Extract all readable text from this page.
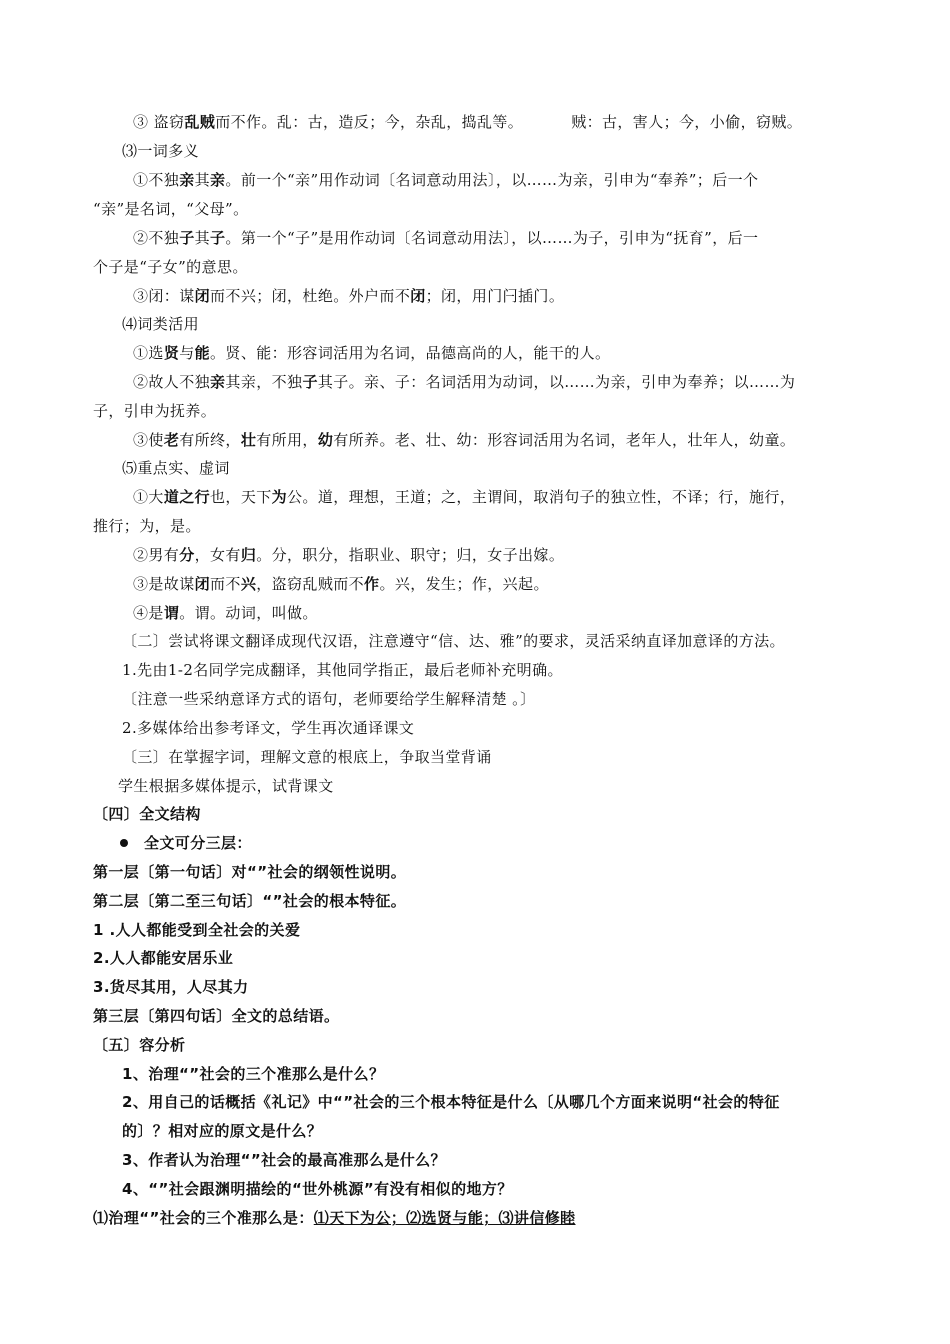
③ 盗窃乱贼而不作。乱：古，造反；今，杂乱，捣乱等。	贼：古，害人；今，小偷，窃贼。
⑶一词多义
①不独亲其亲。前一个“亲”用作动词〔名词意动用法〕，以……为亲，引申为“奉养”；后一个
“亲”是名词，“父母”。
②不独子其子。第一个“子”是用作动词〔名词意动用法〕，以……为子，引申为“抚育”，后一
个子是“子女”的意思。
③闭：谋闭而不兴；闭，杜绝。外户而不闭；闭，用门闩插门。
⑷词类活用
①选贤与能。贤、能：形容词活用为名词，品德高尚的人，能干的人。
②故人不独亲其亲，不独子其子。亲、子：名词活用为动词，以……为亲，引申为奉养；以……为
子，引申为抚养。
③使老有所终，壮有所用，幼有所养。老、壮、幼：形容词活用为名词，老年人，壮年人，幼童。
⑸重点实、虚词
①大道之行也，天下为公。道，理想，王道；之，主谓间，取消句子的独立性，不译；行，施行，
推行；为，是。
②男有分，女有归。分，职分，指职业、职守；归，女子出嫁。
③是故谋闭而不兴，盗窃乱贼而不作。兴，发生；作，兴起。
④是谓。谓。动词，叫做。
〔二〕尝试将课文翻译成现代汉语，注意遵守“信、达、雅”的要求，灵活采纳直译加意译的方法。
1.先由1-2名同学完成翻译，其他同学指正，最后老师补充明确。
〔注意一些采纳意译方式的语句，老师要给学生解释清楚 。〕
2.多媒体给出参考译文，学生再次通译课文
〔三〕在掌握字词，理解文意的根底上，争取当堂背诵
学生根据多媒体提示，试背课文
〔四〕全文结构
全文可分三层：
第一层〔第一句话〕对“”社会的纲领性说明。
第二层〔第二至三句话〕“”社会的根本特征。
1 .人人都能受到全社会的关爱
2.人人都能安居乐业
3.货尽其用，人尽其力
第三层〔第四句话〕全文的总结语。
〔五〕容分析
1、治理“”社会的三个准那么是什么？
2、用自己的话概括《礼记》中“”社会的三个根本特征是什么〔从哪几个方面来说明“社会的特征
的〕？相对应的原文是什么？
3、作者认为治理“”社会的最高准那么是什么？
4、“”社会跟渊明描绘的“世外桃源”有没有相似的地方？
⑴治理“”社会的三个准那么是：⑴天下为公；⑵选贤与能；⑶讲信修睦
